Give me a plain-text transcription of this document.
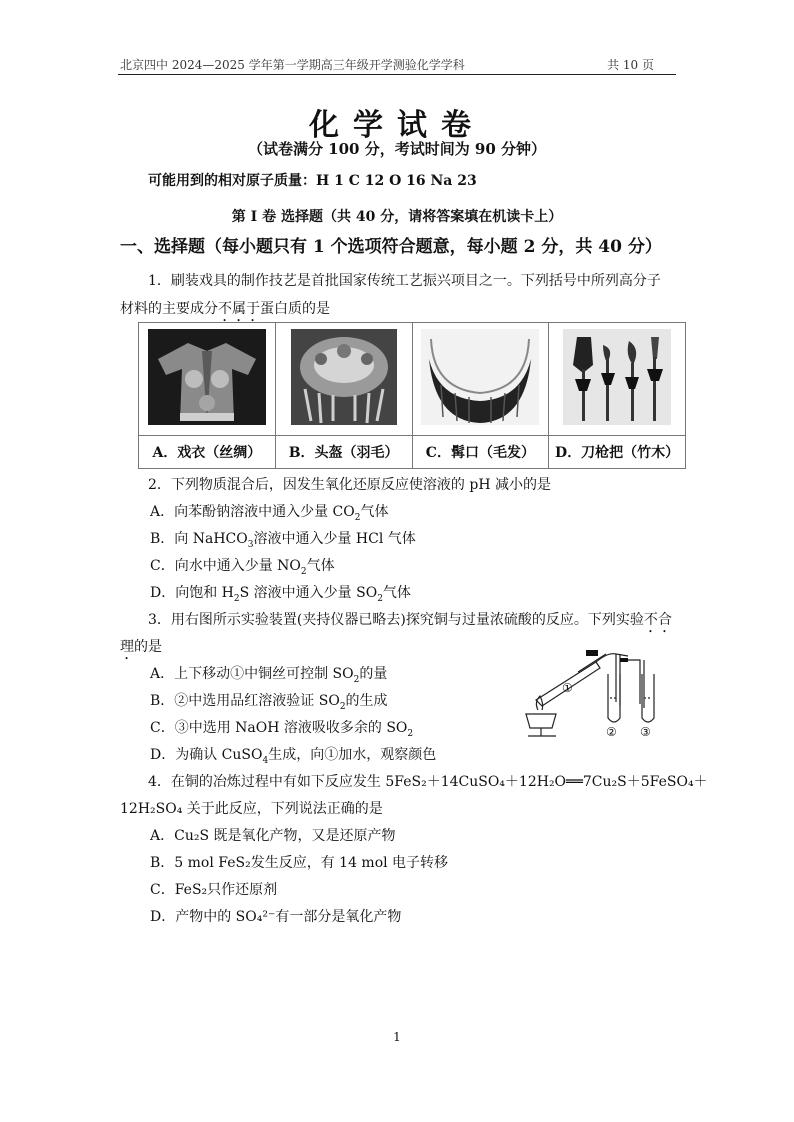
北京四中 2024—2025 学年第一学期高三年级开学测验化学学科	共 10 页
化学试卷
（试卷满分 100 分，考试时间为 90 分钟）
可能用到的相对原子质量：H 1 C 12 O 16 Na 23
第 I 卷 选择题（共 40 分，请将答案填在机读卡上）
一、选择题（每小题只有 1 个选项符合题意，每小题 2 分，共 40 分）
1．刷装戏具的制作技艺是首批国家传统工艺振兴项目之一。下列括号中所列高分子
材料的主要成分不属于蛋白质的是

A．戏衣（丝绸）	B．头盔（羽毛）	C．髯口（毛发）	D．刀枪把（竹木）
2．下列物质混合后，因发生氧化还原反应使溶液的 pH 减小的是
A．向苯酚钠溶液中通入少量 $CO_2$气体
B．向 NaHCO$_3$溶液中通入少量 HCl 气体
C．向水中通入少量 $NO_2$气体
D．向饱和 $H_2S$ 溶液中通入少量 $SO_2$气体
3．用右图所示实验装置(夹持仪器已略去)探究铜与过量浓硫酸的反应。下列实验不合
理的是
A．上下移动①中铜丝可控制 $SO_2$的量
B．②中选用品红溶液验证 $SO_2$的生成
C．③中选用 NaOH 溶液吸收多余的 $SO_2$
D．为确认 CuSO$_4$生成，向①加水，观察颜色
①
② ③
4．在铜的冶炼过程中有如下反应发生 5FeS₂＋14CuSO₄＋12H₂O══7Cu₂S＋5FeSO₄＋
12H₂SO₄ 关于此反应，下列说法正确的是
A．Cu₂S 既是氧化产物，又是还原产物
B．5 mol FeS₂发生反应，有 14 mol 电子转移
C．FeS₂只作还原剂
D．产物中的 SO₄²⁻有一部分是氧化产物
1
